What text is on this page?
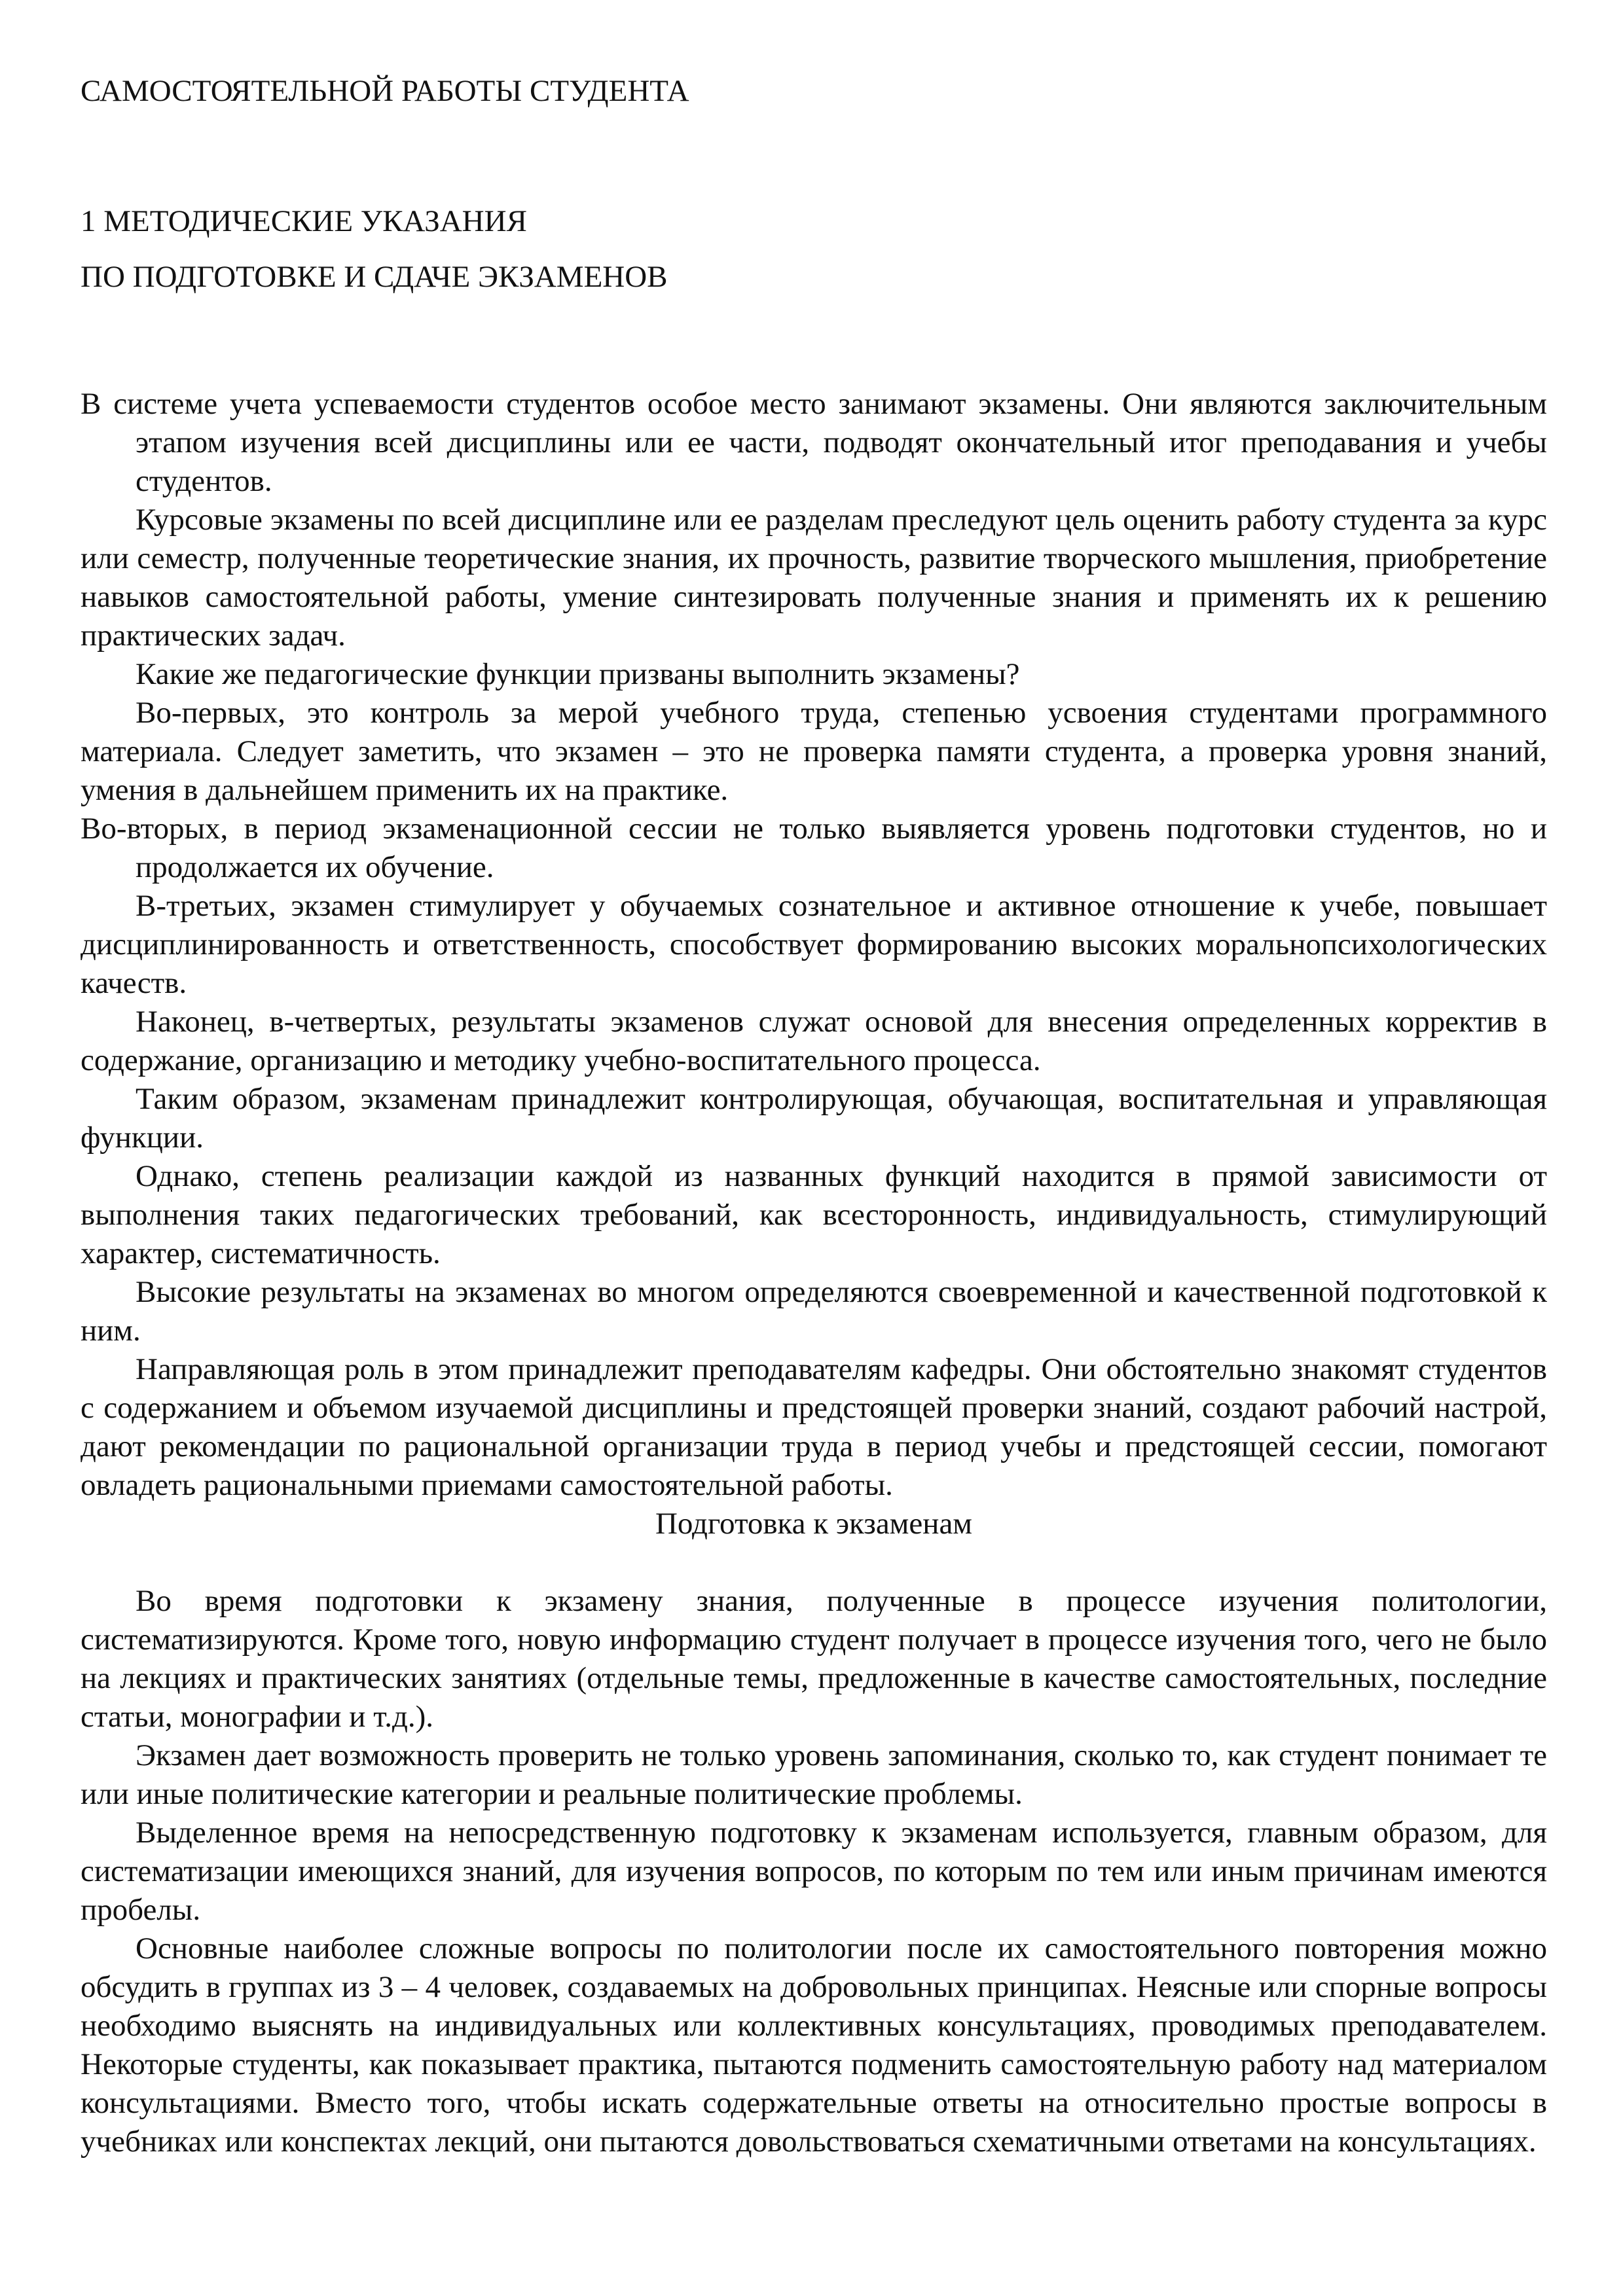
САМОСТОЯТЕЛЬНОЙ РАБОТЫ СТУДЕНТА
1 МЕТОДИЧЕСКИЕ УКАЗАНИЯ
ПО ПОДГОТОВКЕ И СДАЧЕ ЭКЗАМЕНОВ

В системе учета успеваемости студентов особое место занимают экзамены. Они являются заключительным этапом изучения всей дисциплины или ее части, подводят окончательный итог преподавания и учебы студентов.

Курсовые экзамены по всей дисциплине или ее разделам преследуют цель оценить работу студента за курс или семестр, полученные теоретические знания, их прочность, развитие творческого мышления, приобретение навыков самостоятельной работы, умение синтезировать полученные знания и применять их к решению практических задач.

Какие же педагогические функции призваны выполнить экзамены?

Во-первых, это контроль за мерой учебного труда, степенью усвоения студентами программного материала. Следует заметить, что экзамен – это не проверка памяти студента, а проверка уровня знаний, умения в дальнейшем применить их на практике.

Во-вторых, в период экзаменационной сессии не только выявляется уровень подготовки студентов, но и продолжается их обучение.

В-третьих, экзамен стимулирует у обучаемых сознательное и активное отношение к учебе, повышает дисциплинированность и ответственность, способствует формированию высоких моральнопсихологических качеств.

Наконец, в-четвертых, результаты экзаменов служат основой для внесения определенных корректив в содержание, организацию и методику учебно-воспитательного процесса.

Таким образом, экзаменам принадлежит контролирующая, обучающая, воспитательная и управляющая функции.

Однако, степень реализации каждой из названных функций находится в прямой зависимости от выполнения таких педагогических требований, как всесторонность, индивидуальность, стимулирующий характер, систематичность.

Высокие результаты на экзаменах во многом определяются своевременной и качественной подготовкой к ним.

Направляющая роль в этом принадлежит преподавателям кафедры. Они обстоятельно знакомят студентов с содержанием и объемом изучаемой дисциплины и предстоящей проверки знаний, создают рабочий настрой, дают рекомендации по рациональной организации труда в период учебы и предстоящей сессии, помогают овладеть рациональными приемами самостоятельной работы.

Подготовка к экзаменам

Во время подготовки к экзамену знания, полученные в процессе изучения политологии, систематизируются. Кроме того, новую информацию студент получает в процессе изучения того, чего не было на лекциях и практических занятиях (отдельные темы, предложенные в качестве самостоятельных, последние статьи, монографии и т.д.).

Экзамен дает возможность проверить не только уровень запоминания, сколько то, как студент понимает те или иные политические категории и реальные политические проблемы.

Выделенное время на непосредственную подготовку к экзаменам используется, главным образом, для систематизации имеющихся знаний, для изучения вопросов, по которым по тем или иным причинам имеются пробелы.

Основные наиболее сложные вопросы по политологии после их самостоятельного повторения можно обсудить в группах из 3 – 4 человек, создаваемых на добровольных принципах. Неясные или спорные вопросы необходимо выяснять на индивидуальных или коллективных консультациях, проводимых преподавателем. Некоторые студенты, как показывает практика, пытаются подменить самостоятельную работу над материалом консультациями. Вместо того, чтобы искать содержательные ответы на относительно простые вопросы в учебниках или конспектах лекций, они пытаются довольствоваться схематичными ответами на консультациях.
